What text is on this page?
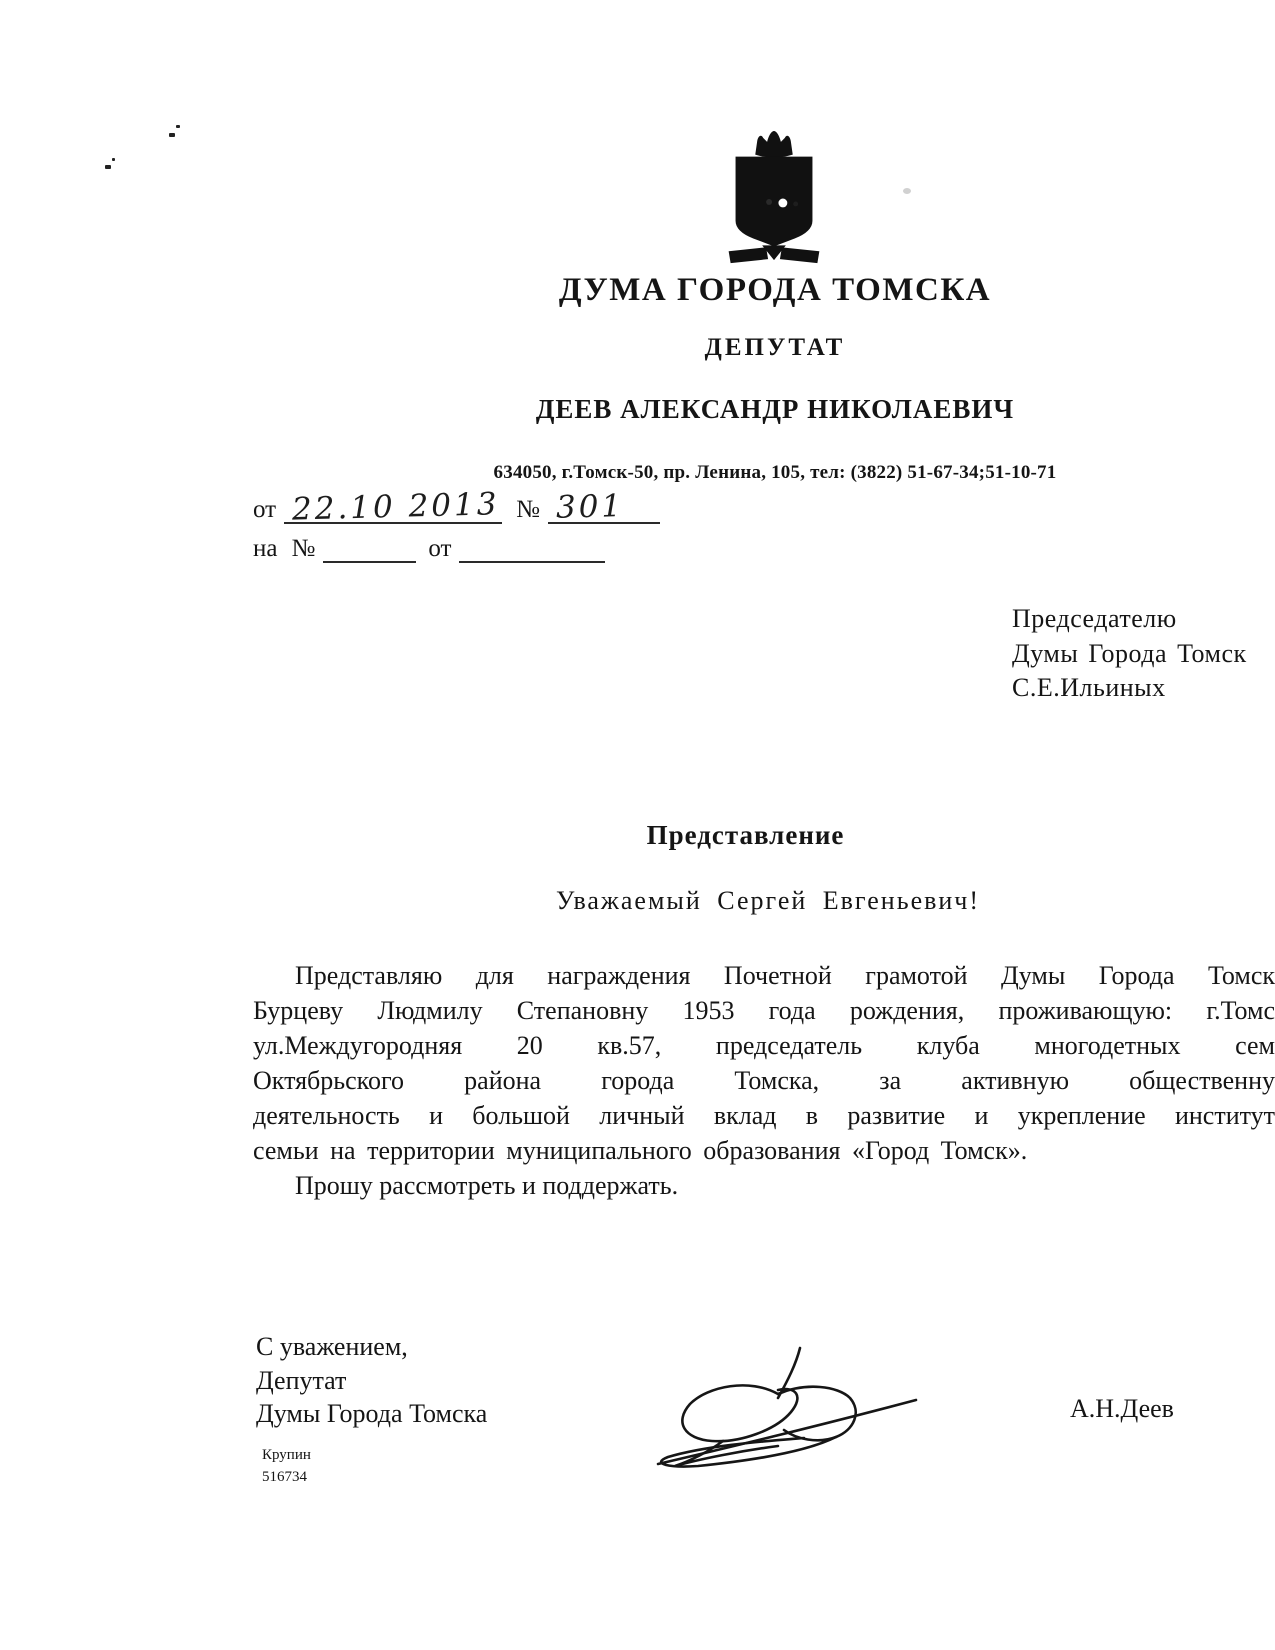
ДУМА ГОРОДА ТОМСКА
ДЕПУТАТ
ДЕЕВ АЛЕКСАНДР НИКОЛАЕВИЧ
634050, г.Томск-50, пр. Ленина, 105, тел: (3822) 51-67-34;51-10-71
от 22.10 2013 № 301
на №	от
Председателю
Думы Города Томск
С.Е.Ильиных
Представление
Уважаемый Сергей Евгеньевич!
Представляю для награждения Почетной грамотой Думы Города Томск
Бурцеву Людмилу Степановну 1953 года рождения, проживающую: г.Томс
ул.Междугородняя 20 кв.57, председатель клуба многодетных сем
Октябрьского района города Томска, за активную общественну
деятельность и большой личный вклад в развитие и укрепление институт
семьи на территории муниципального образования «Город Томск».
Прошу рассмотреть и поддержать.
С уважением,
Депутат
Думы Города Томска	А.Н.Деев
Крупин
516734
